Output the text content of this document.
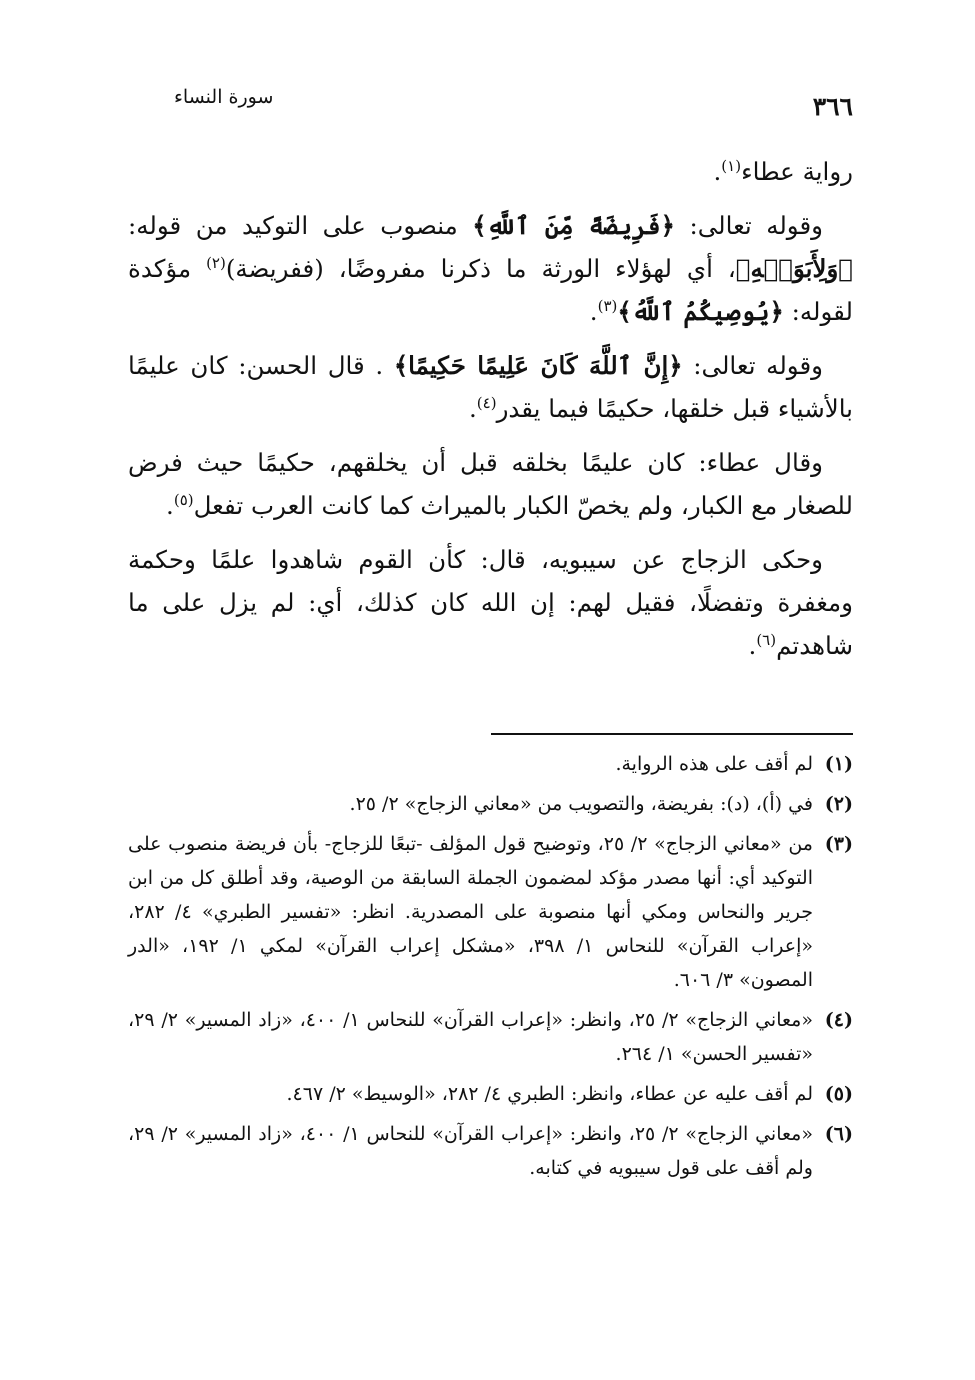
٣٦٦
سورة النساء

رواية عطاء$^{(١)}$.

وقوله تعالى: ﴿فَرِيضَةً مِّنَ ٱللَّهِ﴾ منصوب على التوكيد من قوله: ﴿وَلِأَبَوَيۡهِ﴾، أي لهؤلاء الورثة ما ذكرنا مفروضًا، (ففريضة)$^{(٢)}$ مؤكدة لقوله: ﴿يُوصِيكُمُ ٱللَّهُ﴾$^{(٣)}$.

وقوله تعالى: ﴿إِنَّ ٱللَّهَ كَانَ عَلِيمًا حَكِيمًا﴾ . قال الحسن: كان عليمًا بالأشياء قبل خلقها، حكيمًا فيما يقدر$^{(٤)}$.

وقال عطاء: كان عليمًا بخلقه قبل أن يخلقهم، حكيمًا حيث فرض للصغار مع الكبار، ولم يخصّ الكبار بالميراث كما كانت العرب تفعل$^{(٥)}$.

وحكى الزجاج عن سيبويه، قال: كأن القوم شاهدوا علمًا وحكمة ومغفرة وتفضلًا، فقيل لهم: إن الله كان كذلك، أي: لم يزل على ما شاهدتم$^{(٦)}$.

(١)
لم أقف على هذه الرواية.
(٢)
في (أ)، (د): بفريضة، والتصويب من «معاني الزجاج» ٢/ ٢٥.
(٣)
من «معاني الزجاج» ٢/ ٢٥، وتوضيح قول المؤلف -تبعًا للزجاج- بأن فريضة منصوب على التوكيد أي: أنها مصدر مؤكد لمضمون الجملة السابقة من الوصية، وقد أطلق كل من ابن جرير والنحاس ومكي أنها منصوبة على المصدرية. انظر: «تفسير الطبري» ٤/ ٢٨٢، «إعراب القرآن» للنحاس ١/ ٣٩٨، «مشكل إعراب القرآن» لمكي ١/ ١٩٢، «الدر المصون» ٣/ ٦٠٦.
(٤)
«معاني الزجاج» ٢/ ٢٥، وانظر: «إعراب القرآن» للنحاس ١/ ٤٠٠، «زاد المسير» ٢/ ٢٩، «تفسير الحسن» ١/ ٢٦٤.
(٥)
لم أقف عليه عن عطاء، وانظر: الطبري ٤/ ٢٨٢، «الوسيط» ٢/ ٤٦٧.
(٦)
«معاني الزجاج» ٢/ ٢٥، وانظر: «إعراب القرآن» للنحاس ١/ ٤٠٠، «زاد المسير» ٢/ ٢٩، ولم أقف على قول سيبويه في كتابه.
